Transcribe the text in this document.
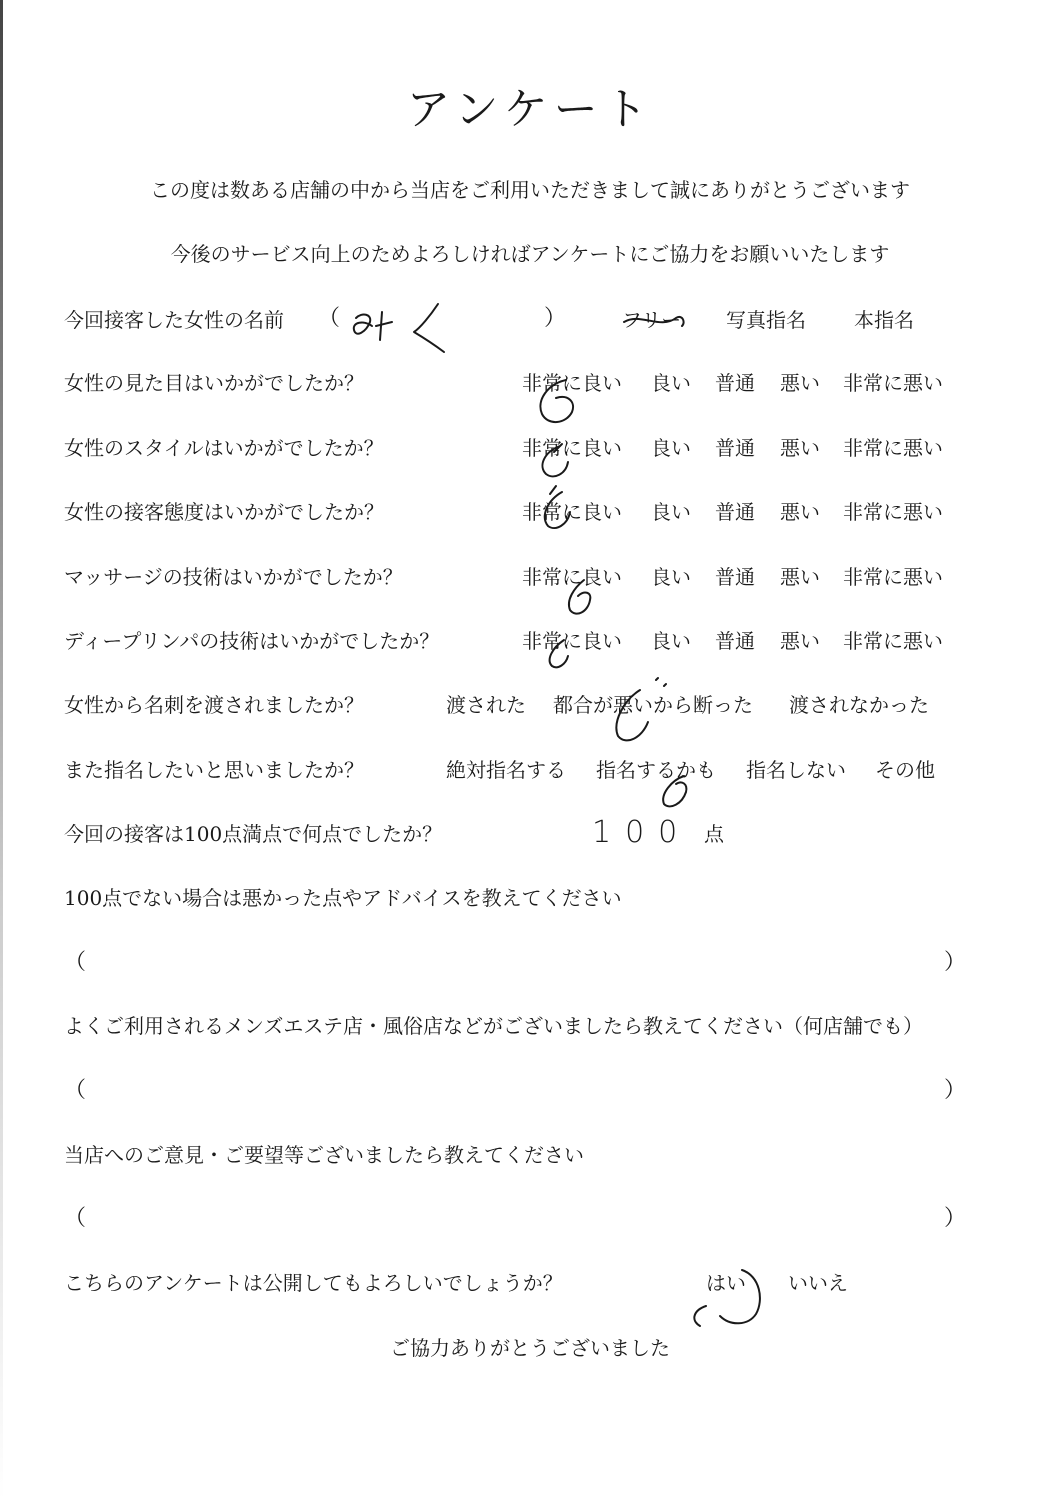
アンケート
この度は数ある店舗の中から当店をご利用いただきまして誠にありがとうございます
今後のサービス向上のためよろしければアンケートにご協力をお願いいたします
今回接客した女性の名前 （	）	フリー 写真指名 本指名
女性の見た目はいかがでしたか？	非常に良い 良い 普通 悪い 非常に悪い
女性のスタイルはいかがでしたか？	非常に良い 良い 普通 悪い 非常に悪い
女性の接客態度はいかがでしたか？	非常に良い 良い 普通 悪い 非常に悪い
マッサージの技術はいかがでしたか？	非常に良い 良い 普通 悪い 非常に悪い
ディープリンパの技術はいかがでしたか？	非常に良い 良い 普通 悪い 非常に悪い
女性から名刺を渡されましたか？	渡された 都合が悪いから断った 渡されなかった
また指名したいと思いましたか？	絶対指名する 指名するかも 指名しない その他
今回の接客は100点満点で何点でしたか？	100 点
100点でない場合は悪かった点やアドバイスを教えてください
（	）
よくご利用されるメンズエステ店・風俗店などがございましたら教えてください（何店舗でも）
（	）
当店へのご意見・ご要望等ございましたら教えてください
（	）
こちらのアンケートは公開してもよろしいでしょうか？	はい いいえ
ご協力ありがとうございました
